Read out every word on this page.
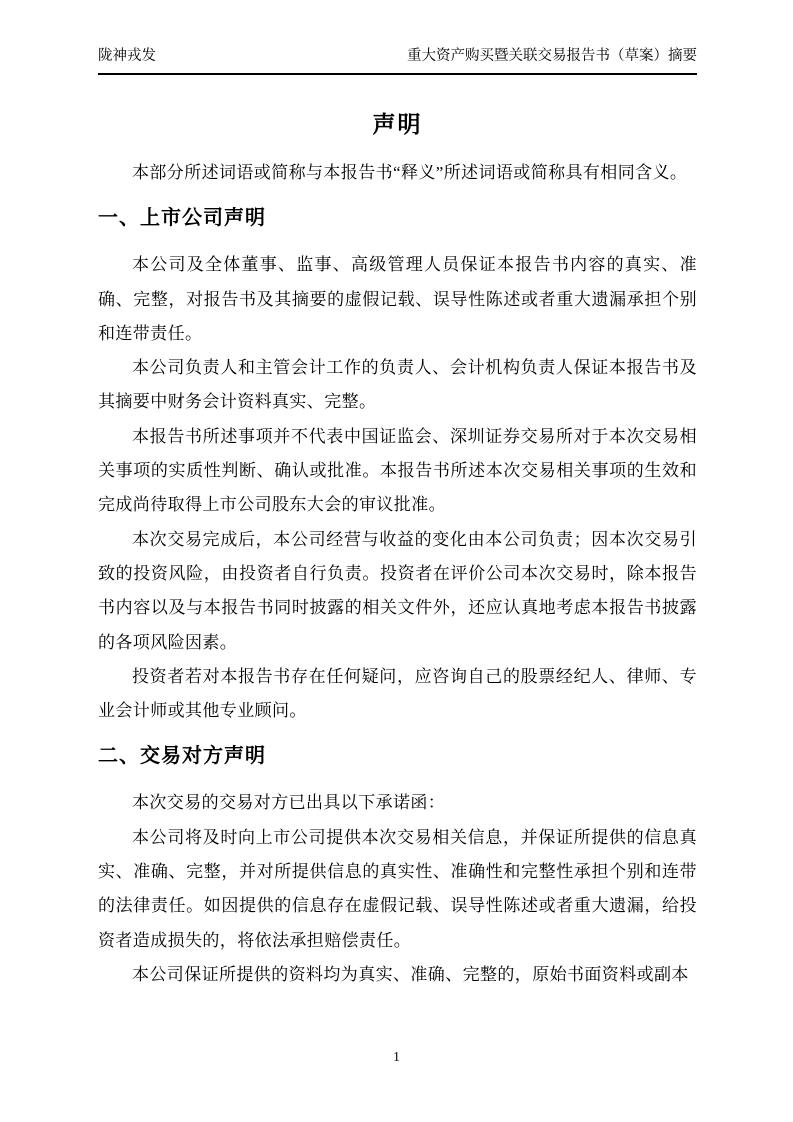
陇神戎发	重大资产购买暨关联交易报告书（草案）摘要
声明

本部分所述词语或简称与本报告书“释义”所述词语或简称具有相同含义。

一、上市公司声明

本公司及全体董事、监事、高级管理人员保证本报告书内容的真实、准确、完整，对报告书及其摘要的虚假记载、误导性陈述或者重大遗漏承担个别和连带责任。

本公司负责人和主管会计工作的负责人、会计机构负责人保证本报告书及其摘要中财务会计资料真实、完整。

本报告书所述事项并不代表中国证监会、深圳证券交易所对于本次交易相关事项的实质性判断、确认或批准。本报告书所述本次交易相关事项的生效和完成尚待取得上市公司股东大会的审议批准。

本次交易完成后，本公司经营与收益的变化由本公司负责；因本次交易引致的投资风险，由投资者自行负责。投资者在评价公司本次交易时，除本报告书内容以及与本报告书同时披露的相关文件外，还应认真地考虑本报告书披露的各项风险因素。

投资者若对本报告书存在任何疑问，应咨询自己的股票经纪人、律师、专业会计师或其他专业顾问。

二、交易对方声明

本次交易的交易对方已出具以下承诺函：

本公司将及时向上市公司提供本次交易相关信息，并保证所提供的信息真实、准确、完整，并对所提供信息的真实性、准确性和完整性承担个别和连带的法律责任。如因提供的信息存在虚假记载、误导性陈述或者重大遗漏，给投资者造成损失的，将依法承担赔偿责任。

本公司保证所提供的资料均为真实、准确、完整的，原始书面资料或副本

1
